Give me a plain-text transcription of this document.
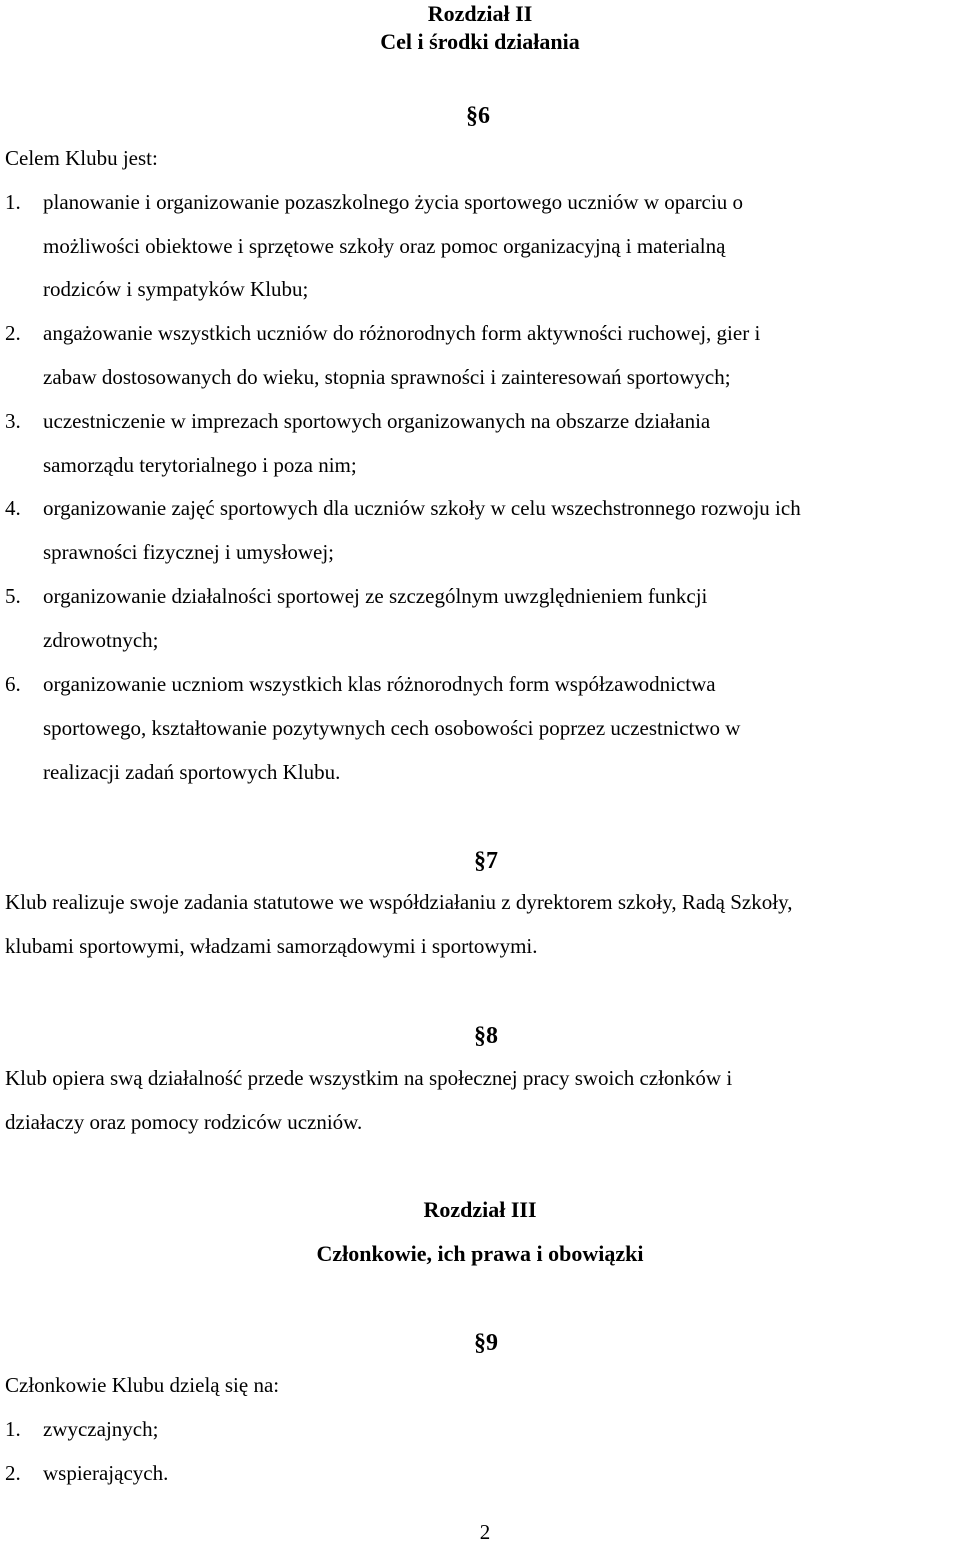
Rozdział II
Cel i środki działania
§6
Celem Klubu jest:
1.	planowanie i organizowanie pozaszkolnego życia sportowego uczniów w oparciu o
możliwości obiektowe i sprzętowe szkoły oraz pomoc organizacyjną i materialną
rodziców i sympatyków Klubu;
2.	angażowanie wszystkich uczniów do różnorodnych form aktywności ruchowej, gier i
zabaw dostosowanych do wieku, stopnia sprawności i zainteresowań sportowych;
3.	uczestniczenie w imprezach sportowych organizowanych na obszarze działania
samorządu terytorialnego i poza nim;
4.	organizowanie zajęć sportowych dla uczniów szkoły w celu wszechstronnego rozwoju ich
sprawności fizycznej i umysłowej;
5.	organizowanie działalności sportowej ze szczególnym uwzględnieniem funkcji
zdrowotnych;
6.	organizowanie uczniom wszystkich klas różnorodnych form współzawodnictwa
sportowego, kształtowanie pozytywnych cech osobowości poprzez uczestnictwo w
realizacji zadań sportowych Klubu.
§7
Klub realizuje swoje zadania statutowe we współdziałaniu z dyrektorem szkoły, Radą Szkoły,
klubami sportowymi, władzami samorządowymi i sportowymi.
§8
Klub opiera swą działalność przede wszystkim na społecznej pracy swoich członków i
działaczy oraz pomocy rodziców uczniów.
Rozdział III
Członkowie, ich prawa i obowiązki
§9
Członkowie Klubu dzielą się na:
1.	zwyczajnych;
2.	wspierających.
2
